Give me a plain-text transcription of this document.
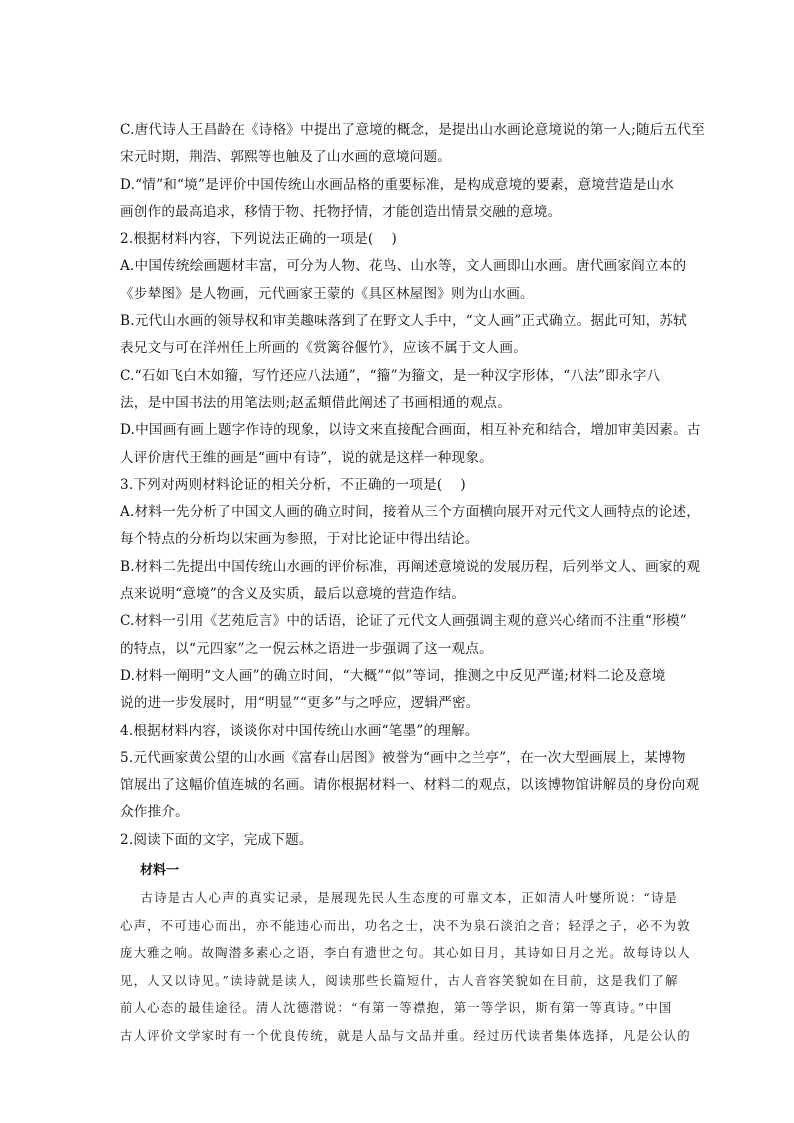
C.唐代诗人王昌龄在《诗格》中提出了意境的概念，是提出山水画论意境说的第一人;随后五代至

宋元时期，荆浩、郭熙等也触及了山水画的意境问题。

D.“情”和“境”是评价中国传统山水画品格的重要标准，是构成意境的要素，意境营造是山水

画创作的最高追求，移情于物、托物抒情，才能创造出情景交融的意境。

2.根据材料内容，下列说法正确的一项是(    )

A.中国传统绘画题材丰富，可分为人物、花鸟、山水等，文人画即山水画。唐代画家阎立本的

《步辇图》是人物画，元代画家王蒙的《具区林屋图》则为山水画。

B.元代山水画的领导权和审美趣味落到了在野文人手中，“文人画”正式确立。据此可知，苏轼

表兄文与可在洋州任上所画的《赏篱谷偃竹》，应该不属于文人画。

C.“石如飞白木如籀，写竹还应八法通”，“籀”为籀文，是一种汉字形体，“八法”即永字八

法，是中国书法的用笔法则;赵孟頫借此阐述了书画相通的观点。

D.中国画有画上题字作诗的现象，以诗文来直接配合画面，相互补充和结合，增加审美因素。古

人评价唐代王维的画是“画中有诗”，说的就是这样一种现象。

3.下列对两则材料论证的相关分析，不正确的一项是(    )

A.材料一先分析了中国文人画的确立时间，接着从三个方面横向展开对元代文人画特点的论述，

每个特点的分析均以宋画为参照，于对比论证中得出结论。

B.材料二先提出中国传统山水画的评价标准，再阐述意境说的发展历程，后列举文人、画家的观

点来说明“意境”的含义及实质，最后以意境的营造作结。

C.材料一引用《艺苑卮言》中的话语，论证了元代文人画强调主观的意兴心绪而不注重“形模”

的特点，以“元四家”之一倪云林之语进一步强调了这一观点。

D.材料一阐明“文人画”的确立时间，“大概”“似”等词，推测之中反见严谨;材料二论及意境

说的进一步发展时，用“明显”“更多”与之呼应，逻辑严密。

4.根据材料内容，谈谈你对中国传统山水画“笔墨”的理解。

5.元代画家黄公望的山水画《富春山居图》被誉为“画中之兰亭”，在一次大型画展上，某博物

馆展出了这幅价值连城的名画。请你根据材料一、材料二的观点，以该博物馆讲解员的身份向观

众作推介。

2.阅读下面的文字，完成下题。

材料一

古诗是古人心声的真实记录，是展现先民人生态度的可靠文本，正如清人叶燮所说：“诗是

心声，不可违心而出，亦不能违心而出，功名之士，决不为泉石淡泊之音；轻浮之子，必不为敦

庞大雅之响。故陶潜多素心之语，李白有遗世之句。其心如日月，其诗如日月之光。故每诗以人

见，人又以诗见。”读诗就是读人，阅读那些长篇短什，古人音容笑貌如在目前，这是我们了解

前人心态的最佳途径。清人沈德潜说：“有第一等襟抱，第一等学识，斯有第一等真诗。”中国

古人评价文学家时有一个优良传统，就是人品与文品并重。经过历代读者集体选择，凡是公认的
